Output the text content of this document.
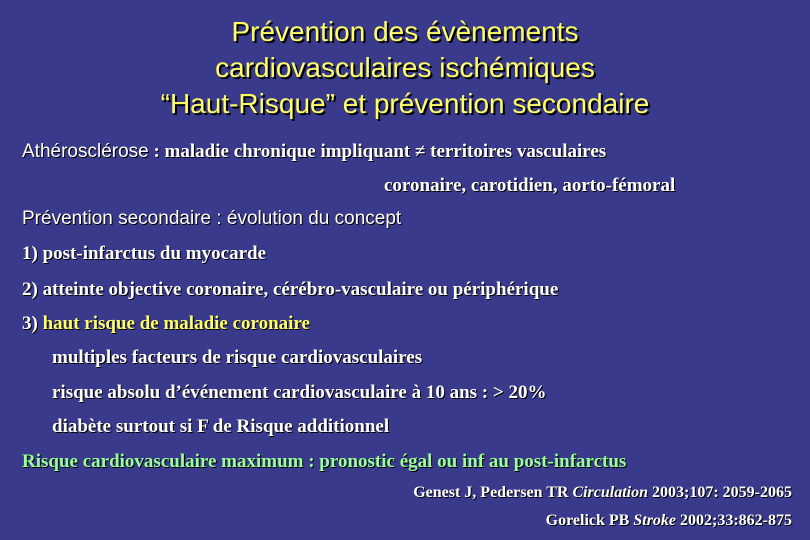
Prévention des évènements
cardiovasculaires ischémiques
“Haut-Risque” et prévention secondaire
Athérosclérose : maladie chronique impliquant ≠ territoires vasculaires
coronaire, carotidien, aorto-fémoral
Prévention secondaire : évolution du concept
1) post-infarctus du myocarde
2) atteinte objective coronaire, cérébro-vasculaire ou périphérique
3) haut risque de maladie coronaire
multiples facteurs de risque cardiovasculaires
risque absolu d’événement cardiovasculaire à 10 ans : > 20%
diabète surtout si F de Risque additionnel
Risque cardiovasculaire maximum : pronostic égal ou inf au post-infarctus
Genest J, Pedersen TR Circulation 2003;107: 2059-2065
Gorelick PB Stroke 2002;33:862-875
